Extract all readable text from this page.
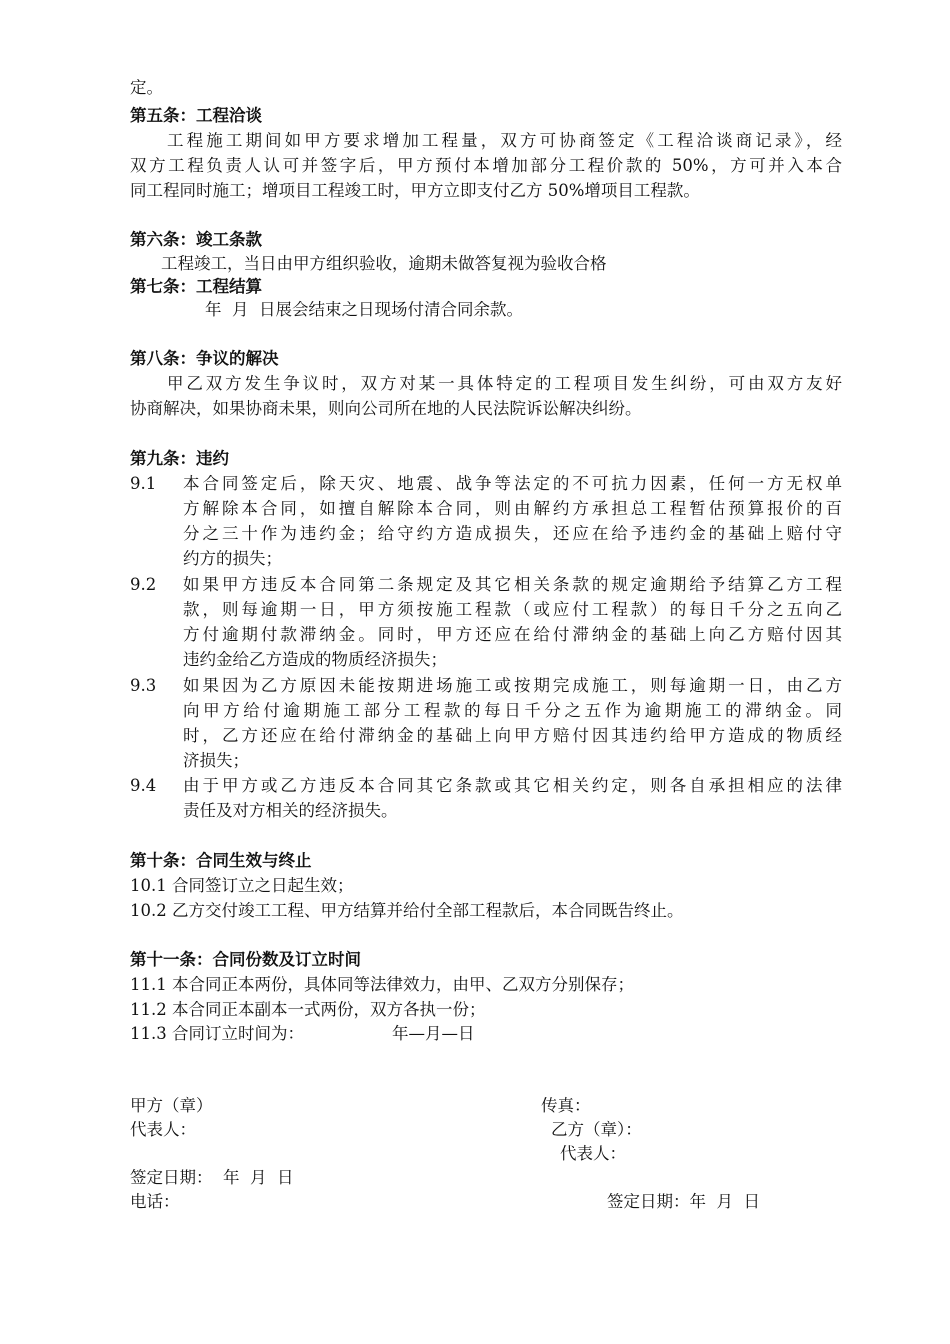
定。
第五条：工程洽谈
工程施工期间如甲方要求增加工程量，双方可协商签定《工程洽谈商记录》，经
双方工程负责人认可并签字后，甲方预付本增加部分工程价款的 50%，方可并入本合
同工程同时施工；增项目工程竣工时，甲方立即支付乙方 50%增项目工程款。
第六条：竣工条款
工程竣工，当日由甲方组织验收，逾期未做答复视为验收合格
第七条：工程结算
年  月  日展会结束之日现场付清合同余款。
第八条：争议的解决
甲乙双方发生争议时，双方对某一具体特定的工程项目发生纠纷，可由双方友好
协商解决，如果协商未果，则向公司所在地的人民法院诉讼解决纠纷。
第九条：违约
9.1 本合同签定后，除天灾、地震、战争等法定的不可抗力因素，任何一方无权单
方解除本合同，如擅自解除本合同，则由解约方承担总工程暂估预算报价的百
分之三十作为违约金；给守约方造成损失，还应在给予违约金的基础上赔付守
约方的损失；
9.2 如果甲方违反本合同第二条规定及其它相关条款的规定逾期给予结算乙方工程
款，则每逾期一日，甲方须按施工程款（或应付工程款）的每日千分之五向乙
方付逾期付款滞纳金。同时，甲方还应在给付滞纳金的基础上向乙方赔付因其
违约金给乙方造成的物质经济损失；
9.3 如果因为乙方原因未能按期进场施工或按期完成施工，则每逾期一日，由乙方
向甲方给付逾期施工部分工程款的每日千分之五作为逾期施工的滞纳金。同
时，乙方还应在给付滞纳金的基础上向甲方赔付因其违约给甲方造成的物质经
济损失；
9.4 由于甲方或乙方违反本合同其它条款或其它相关约定，则各自承担相应的法律
责任及对方相关的经济损失。
第十条：合同生效与终止
10.1 合同签订立之日起生效；
10.2 乙方交付竣工工程、甲方结算并给付全部工程款后，本合同既告终止。
第十一条：合同份数及订立时间
11.1 本合同正本两份，具体同等法律效力，由甲、乙双方分别保存；
11.2 本合同正本副本一式两份，双方各执一份；
11.3 合同订立时间为：	年—月—日
甲方（章）	传真：
代表人：	乙方（章）：
代表人：
签定日期：  年  月  日
电话：	签定日期：年  月  日
